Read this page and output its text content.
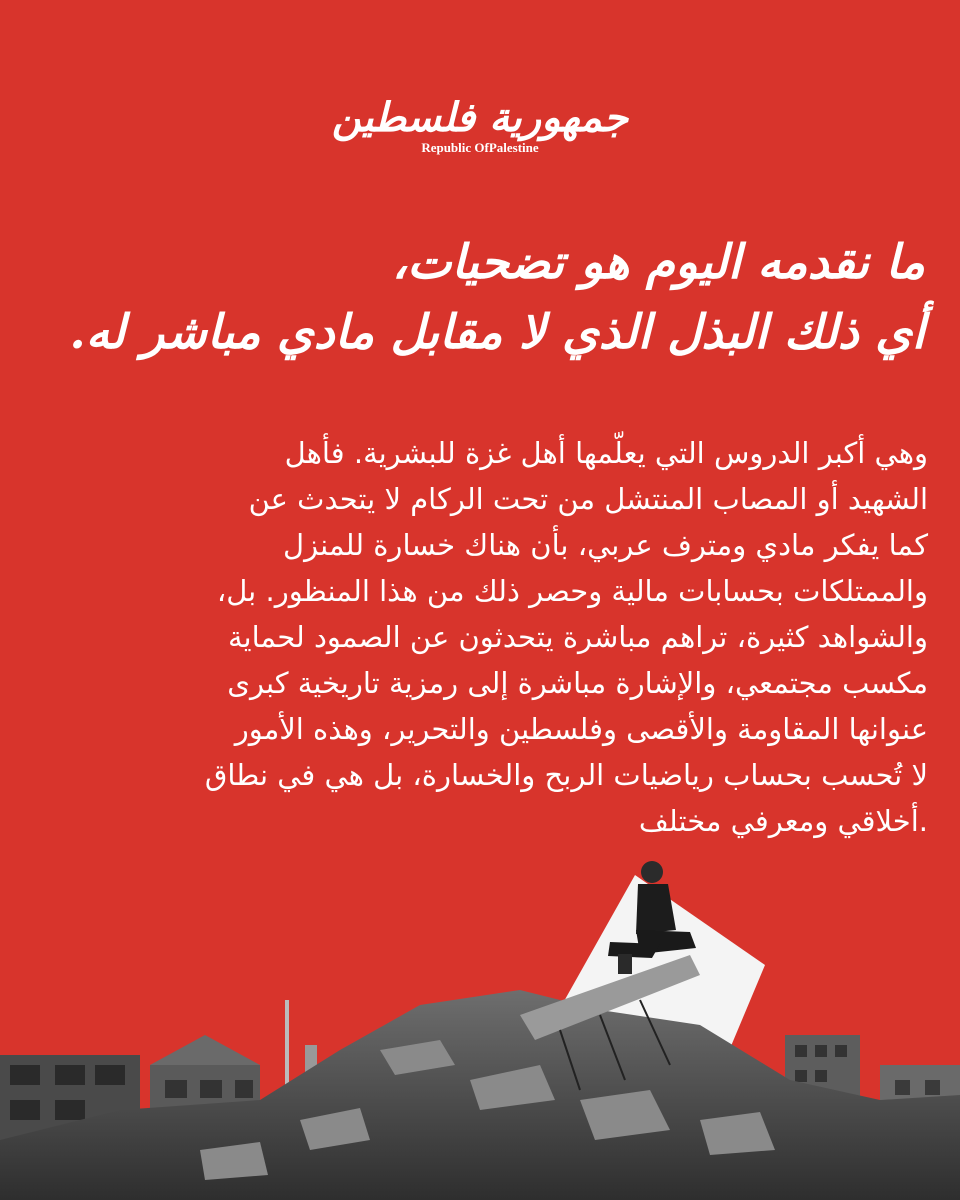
جمهورية فلسطين
Republic OfPalestine
ما نقدمه اليوم هو تضحيات،
أي ذلك البذل الذي لا مقابل مادي مباشر له.
وهي أكبر الدروس التي يعلّمها أهل غزة للبشرية. فأهل
الشهيد أو المصاب المنتشل من تحت الركام لا يتحدث عن
كما يفكر مادي ومترف عربي، بأن هناك خسارة للمنزل
والممتلكات بحسابات مالية وحصر ذلك من هذا المنظور. بل،
والشواهد كثيرة، تراهم مباشرة يتحدثون عن الصمود لحماية
مكسب مجتمعي، والإشارة مباشرة إلى رمزية تاريخية كبرى
عنوانها المقاومة والأقصى وفلسطين والتحرير، وهذه الأمور
لا تُحسب بحساب رياضيات الربح والخسارة، بل هي في نطاق
.أخلاقي ومعرفي مختلف
